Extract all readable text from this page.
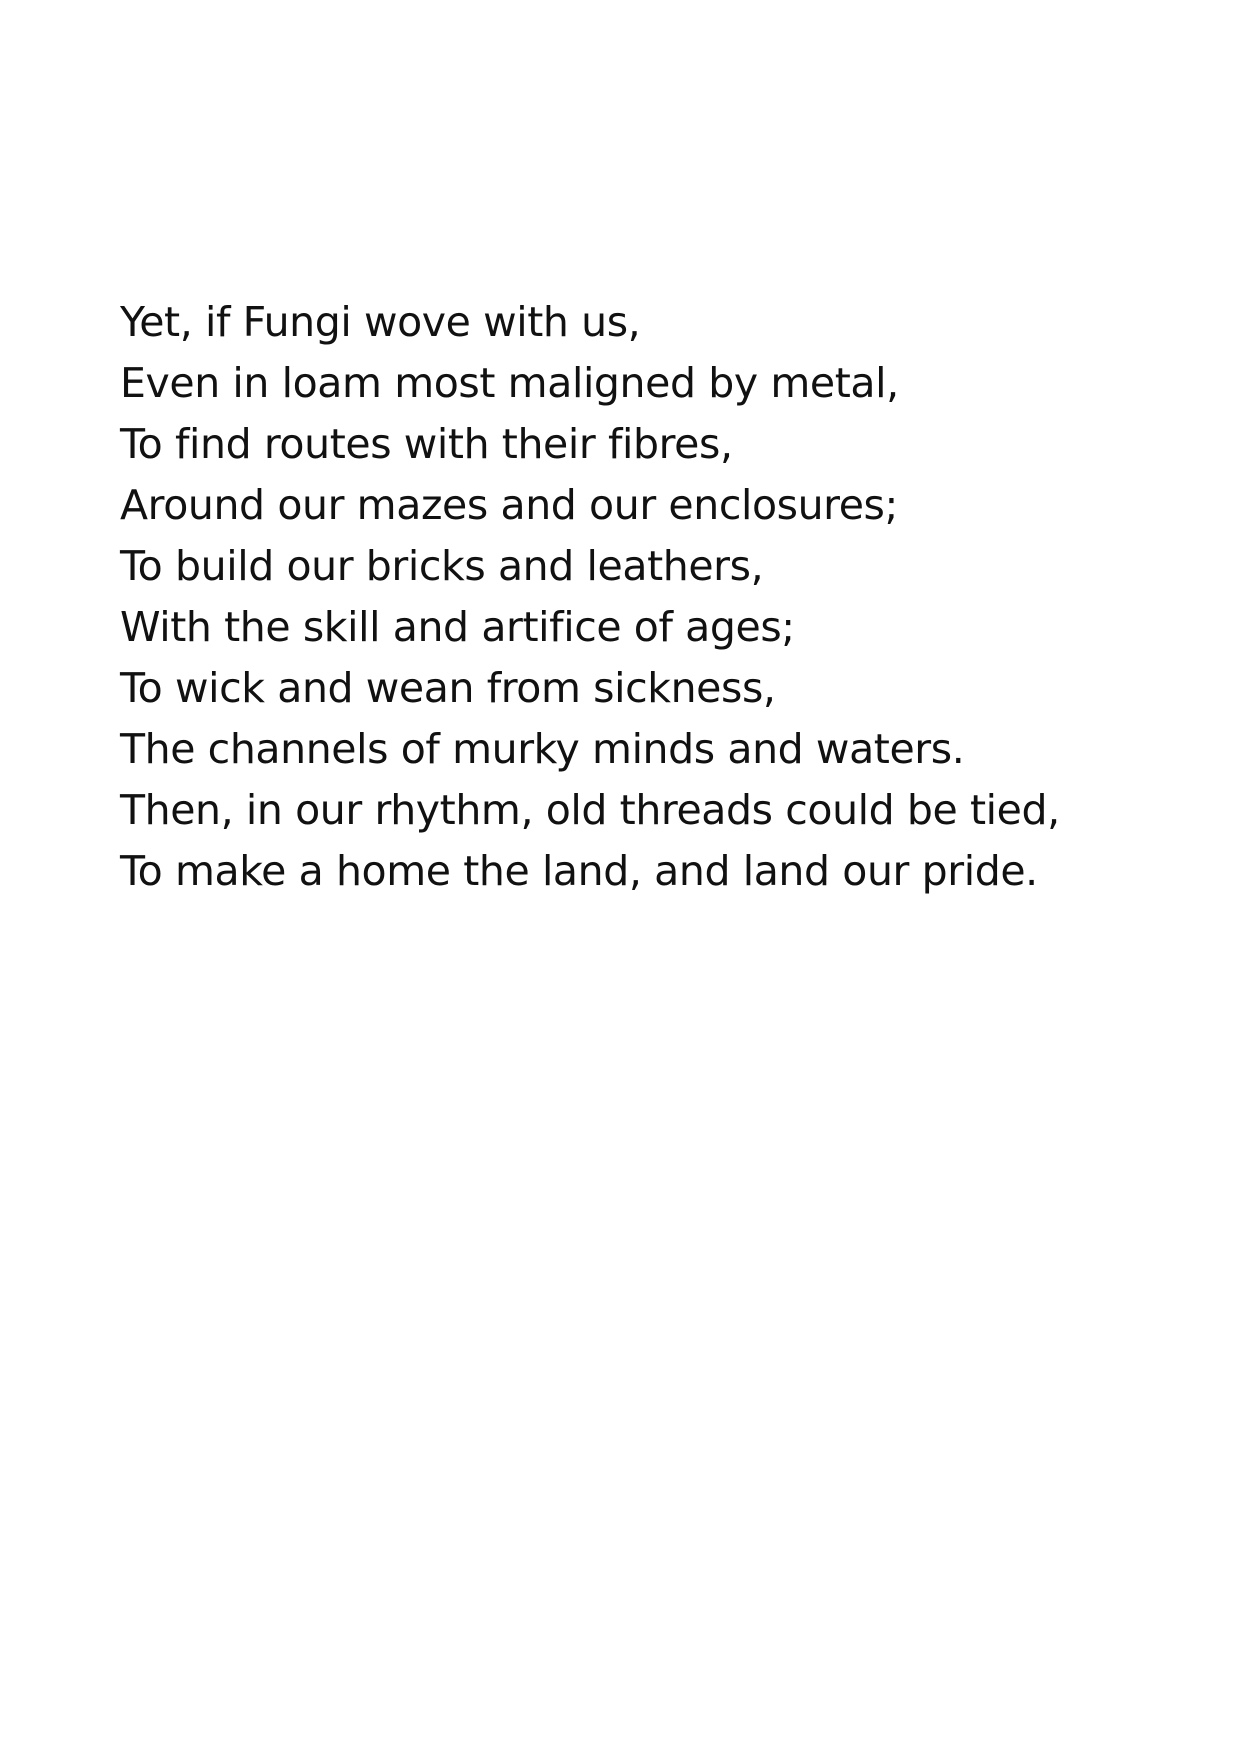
Yet, if Fungi wove with us,
Even in loam most maligned by metal,
To find routes with their fibres,
Around our mazes and our enclosures;
To build our bricks and leathers,
With the skill and artifice of ages;
To wick and wean from sickness,
The channels of murky minds and waters.
Then, in our rhythm, old threads could be tied,
To make a home the land, and land our pride.
